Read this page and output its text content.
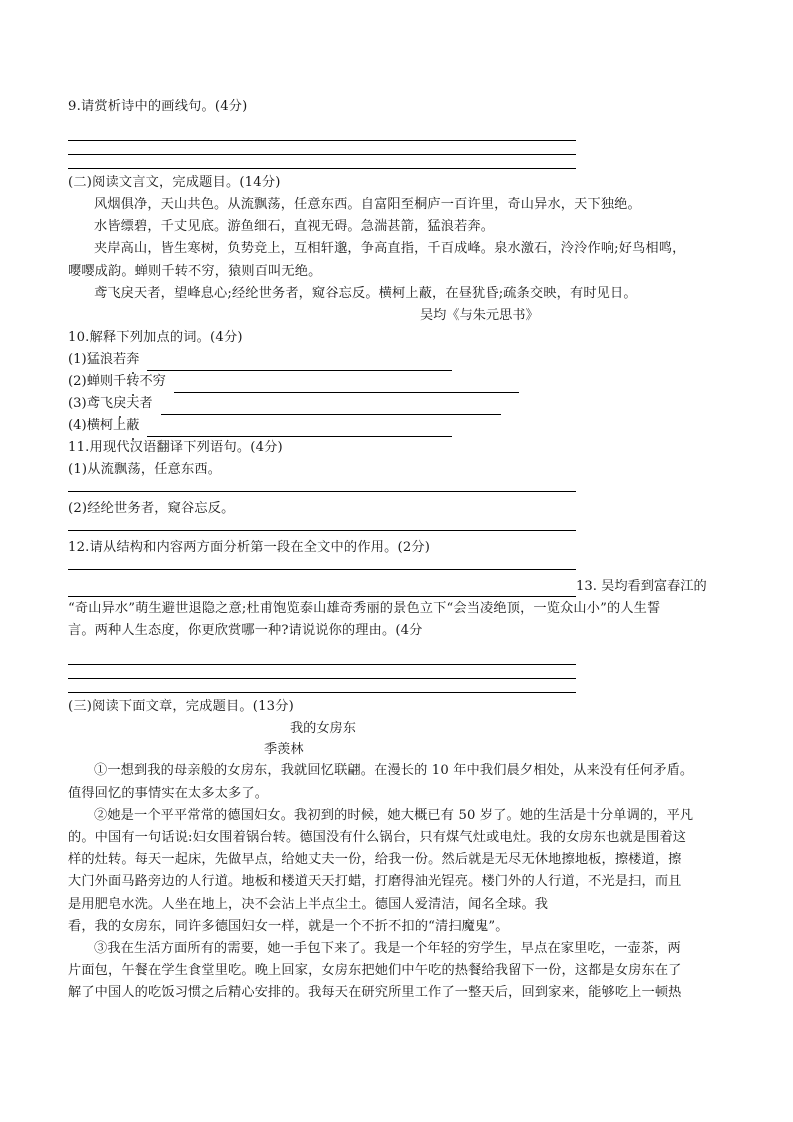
9.请赏析诗中的画线句。(4分)
(二)阅读文言文，完成题目。(14分)
风烟俱净，天山共色。从流飘荡，任意东西。自富阳至桐庐一百许里，奇山异水，天下独绝。
水皆缥碧，千丈见底。游鱼细石，直视无碍。急湍甚箭，猛浪若奔。
夹岸高山，皆生寒树，负势竞上，互相轩邈，争高直指，千百成峰。泉水激石，泠泠作响;好鸟相鸣，
嘤嘤成韵。蝉则千转不穷，猿则百叫无绝。
鸢飞戾天者，望峰息心;经纶世务者，窥谷忘反。横柯上蔽，在昼犹昏;疏条交映，有时见日。
吴均《与朱元思书》
10.解释下列加点的词。(4分)
(1)猛浪若奔
(2)蝉则千转不穷
(3)鸢飞戾天者
(4)横柯上蔽
11.用现代汉语翻译下列语句。(4分)
(1)从流飘荡，任意东西。
(2)经纶世务者，窥谷忘反。
12.请从结构和内容两方面分析第一段在全文中的作用。(2分)
13. 吴均看到富春江的
“奇山异水”萌生避世退隐之意;杜甫饱览泰山雄奇秀丽的景色立下“会当凌绝顶，一览众山小”的人生誓
言。两种人生态度，你更欣赏哪一种?请说说你的理由。(4分
(三)阅读下面文章，完成题目。(13分)
我的女房东
季羡林
①一想到我的母亲般的女房东，我就回忆联翩。在漫长的 10 年中我们晨夕相处，从来没有任何矛盾。
值得回忆的事情实在太多太多了。
②她是一个平平常常的德国妇女。我初到的时候，她大概已有 50 岁了。她的生活是十分单调的，平凡
的。中国有一句话说:妇女围着锅台转。德国没有什么锅台，只有煤气灶或电灶。我的女房东也就是围着这
样的灶转。每天一起床，先做早点，给她丈夫一份，给我一份。然后就是无尽无休地擦地板，擦楼道，擦
大门外面马路旁边的人行道。地板和楼道天天打蜡，打磨得油光锃亮。楼门外的人行道，不光是扫，而且
是用肥皂水洗。人坐在地上，决不会沾上半点尘土。德国人爱清洁，闻名全球。我
看，我的女房东，同许多德国妇女一样，就是一个不折不扣的“清扫魔鬼”。
③我在生活方面所有的需要，她一手包下来了。我是一个年轻的穷学生，早点在家里吃，一壶茶，两
片面包，午餐在学生食堂里吃。晚上回家，女房东把她们中午吃的热餐给我留下一份，这都是女房东在了
解了中国人的吃饭习惯之后精心安排的。我每天在研究所里工作了一整天后，回到家来，能够吃上一顿热
